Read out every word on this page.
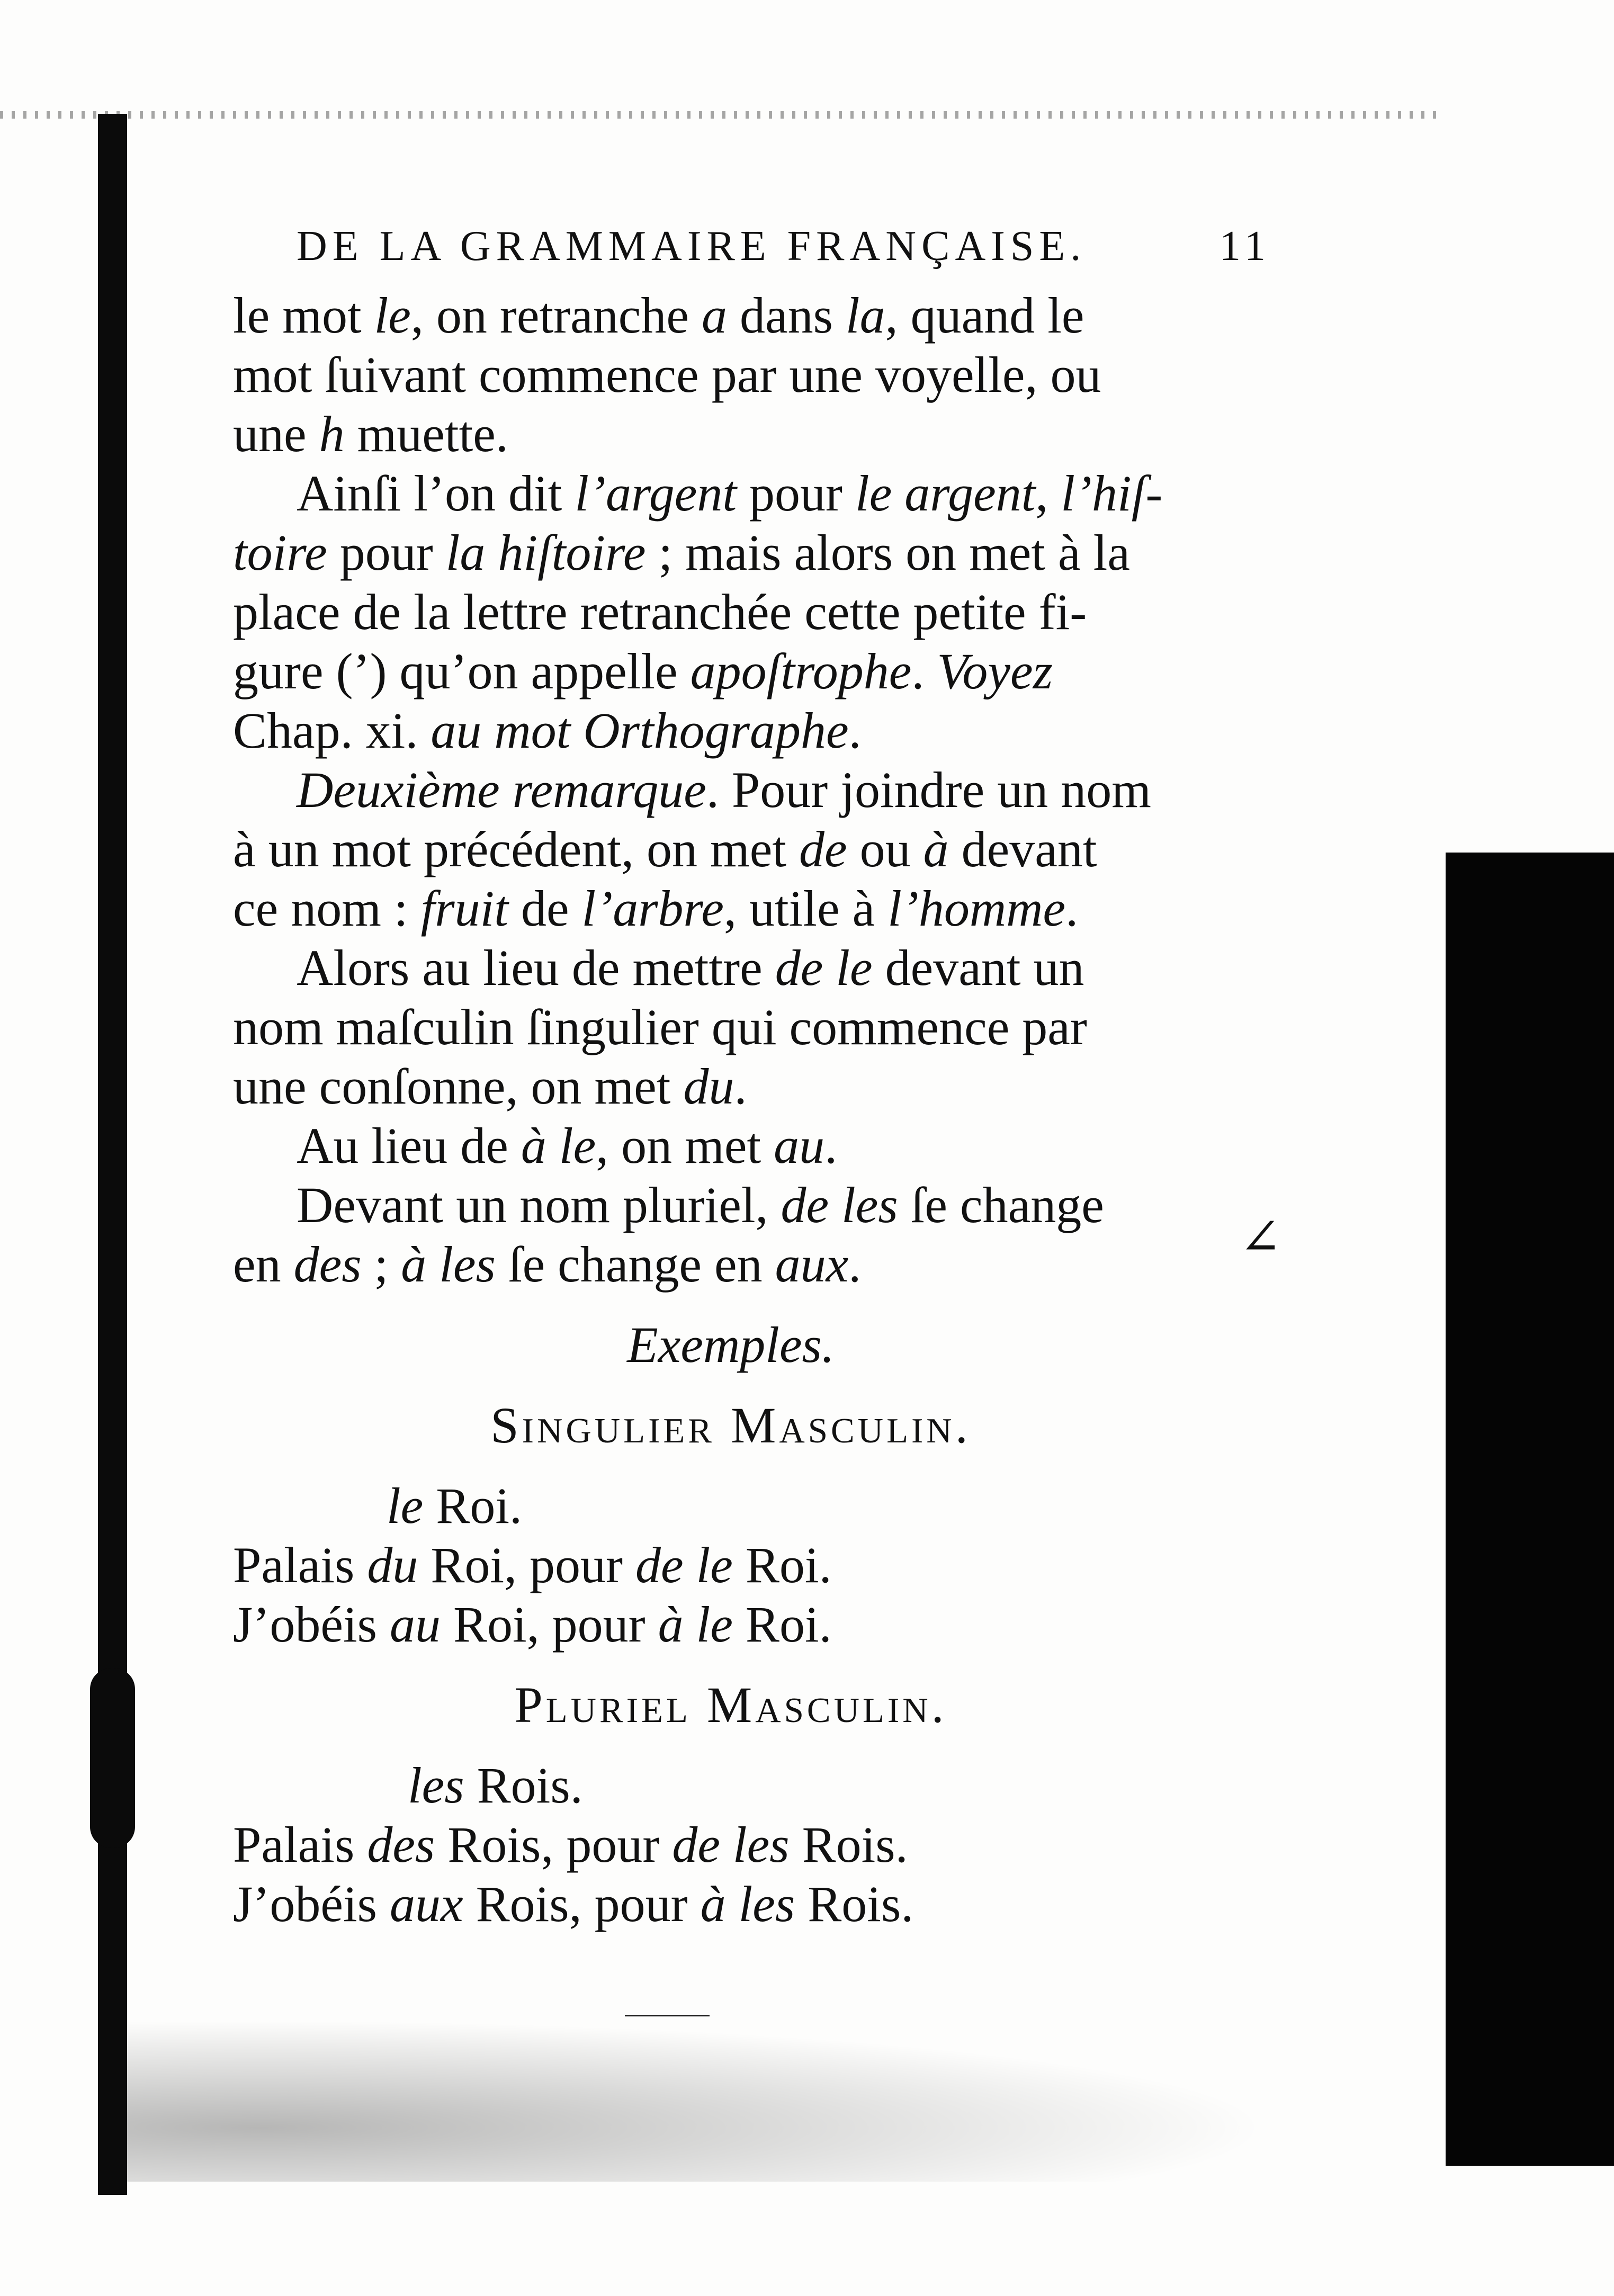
DE LA GRAMMAIRE FRANÇAISE.	11
le mot le, on retranche a dans la, quand le
mot ſuivant commence par une voyelle, ou
une h muette.
Ainſi l’on dit l’argent pour le argent, l’hiſ-
toire pour la hiſtoire ; mais alors on met à la
place de la lettre retranchée cette petite fi-
gure (’) qu’on appelle apoſtrophe. Voyez
Chap. xi. au mot Orthographe.
Deuxième remarque. Pour joindre un nom
à un mot précédent, on met de ou à devant
ce nom : fruit de l’arbre, utile à l’homme.
Alors au lieu de mettre de le devant un
nom maſculin ſingulier qui commence par
une conſonne, on met du.
Au lieu de à le, on met au.
Devant un nom pluriel, de les ſe change
en des ; à les ſe change en aux.
Exemples.
Singulier Masculin.
le Roi.
Palais du Roi, pour de le Roi.
J’obéis au Roi, pour à le Roi.
Pluriel Masculin.
les Rois.
Palais des Rois, pour de les Rois.
J’obéis aux Rois, pour à les Rois.
∠
